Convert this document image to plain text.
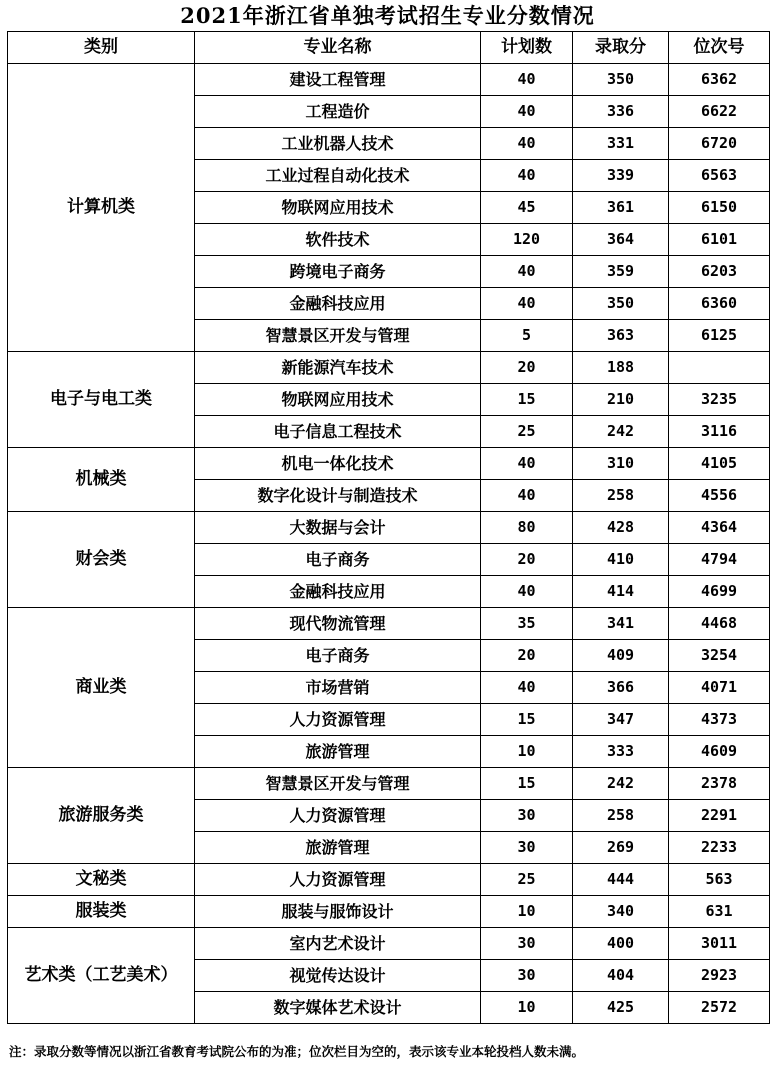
2021年浙江省单独考试招生专业分数情况
类别	专业名称	计划数	录取分	位次号
计算机类	建设工程管理	40	350	6362
	工程造价	40	336	6622
	工业机器人技术	40	331	6720
	工业过程自动化技术	40	339	6563
	物联网应用技术	45	361	6150
	软件技术	120	364	6101
	跨境电子商务	40	359	6203
	金融科技应用	40	350	6360
	智慧景区开发与管理	5	363	6125
电子与电工类	新能源汽车技术	20	188	
	物联网应用技术	15	210	3235
	电子信息工程技术	25	242	3116
机械类	机电一体化技术	40	310	4105
	数字化设计与制造技术	40	258	4556
财会类	大数据与会计	80	428	4364
	电子商务	20	410	4794
	金融科技应用	40	414	4699
商业类	现代物流管理	35	341	4468
	电子商务	20	409	3254
	市场营销	40	366	4071
	人力资源管理	15	347	4373
	旅游管理	10	333	4609
旅游服务类	智慧景区开发与管理	15	242	2378
	人力资源管理	30	258	2291
	旅游管理	30	269	2233
文秘类	人力资源管理	25	444	563
服装类	服装与服饰设计	10	340	631
艺术类（工艺美术）	室内艺术设计	30	400	3011
	视觉传达设计	30	404	2923
	数字媒体艺术设计	10	425	2572
注：录取分数等情况以浙江省教育考试院公布的为准；位次栏目为空的，表示该专业本轮投档人数未满。
